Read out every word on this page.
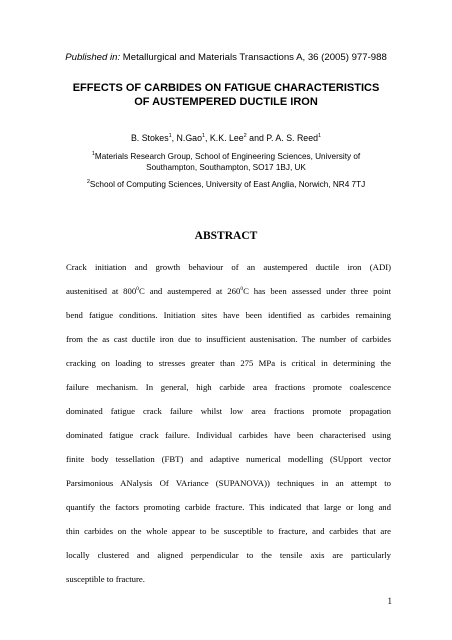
Published in: Metallurgical and Materials Transactions A, 36 (2005) 977-988
EFFECTS OF CARBIDES ON FATIGUE CHARACTERISTICS
OF AUSTEMPERED DUCTILE IRON
B. Stokes$^1$, N.Gao$^1$, K.K. Lee$^2$ and P. A. S. Reed$^1$
$^1$Materials Research Group, School of Engineering Sciences, University of
Southampton, Southampton, SO17 1BJ, UK
$^2$School of Computing Sciences, University of East Anglia, Norwich, NR4 7TJ
ABSTRACT
Crack initiation and growth behaviour of an austempered ductile iron (ADI)
austenitised at $800^0C$ and austempered at $260^0C$ has been assessed under three point
bend fatigue conditions. Initiation sites have been identified as carbides remaining
from the as cast ductile iron due to insufficient austenisation. The number of carbides
cracking on loading to stresses greater than 275 MPa is critical in determining the
failure mechanism. In general, high carbide area fractions promote coalescence
dominated fatigue crack failure whilst low area fractions promote propagation
dominated fatigue crack failure. Individual carbides have been characterised using
finite body tessellation (FBT) and adaptive numerical modelling (SUpport vector
Parsimonious ANalysis Of VAriance (SUPANOVA)) techniques in an attempt to
quantify the factors promoting carbide fracture. This indicated that large or long and
thin carbides on the whole appear to be susceptible to fracture, and carbides that are
locally clustered and aligned perpendicular to the tensile axis are particularly
susceptible to fracture.
1
